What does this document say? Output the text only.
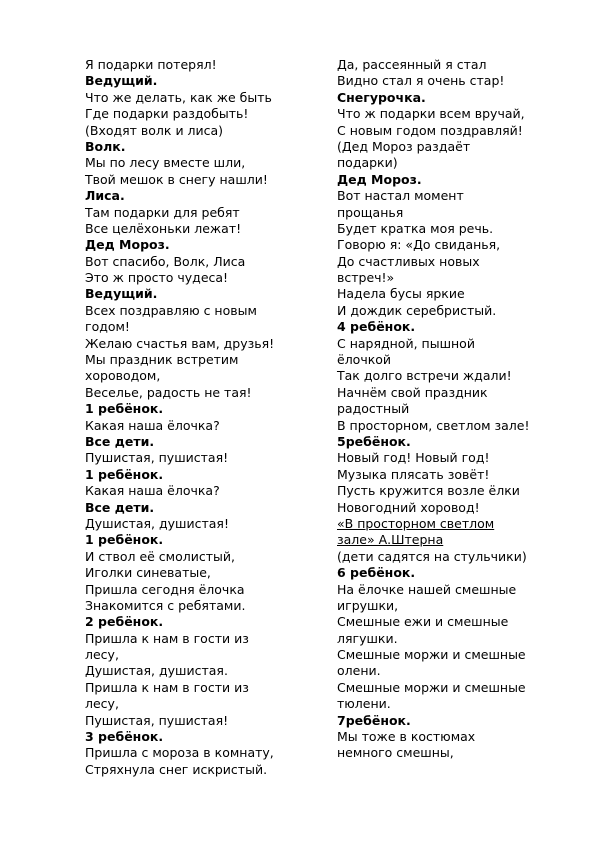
Я подарки потерял!
Ведущий.
Что же делать, как же быть
Где подарки раздобыть!
(Входят волк и лиса)
Волк.
Мы по лесу вместе шли,
Твой мешок в снегу нашли!
Лиса.
Там подарки для ребят
Все целёхоньки лежат!
Дед Мороз.
Вот спасибо, Волк, Лиса
Это ж просто чудеса!
Ведущий.
Всех поздравляю с новым
годом!
Желаю счастья вам, друзья!
Мы праздник встретим
хороводом,
Веселье, радость не тая!
1 ребёнок.
Какая наша ёлочка?
Все дети.
Пушистая, пушистая!
1 ребёнок.
Какая наша ёлочка?
Все дети.
Душистая, душистая!
1 ребёнок.
И ствол её смолистый,
Иголки синеватые,
Пришла сегодня ёлочка
Знакомится с ребятами.
2 ребёнок.
Пришла к нам в гости из
лесу,
Душистая, душистая.
Пришла к нам в гости из
лесу,
Пушистая, пушистая!
3 ребёнок.
Пришла с мороза в комнату,
Стряхнула снег искристый.
Да, рассеянный я стал
Видно стал я очень стар!
Снегурочка.
Что ж подарки всем вручай,
С новым годом поздравляй!
(Дед Мороз раздаёт
подарки)
Дед Мороз.
Вот настал момент
прощанья
Будет кратка моя речь.
Говорю я: «До свиданья,
До счастливых новых
встреч!»
Надела бусы яркие
И дождик серебристый.
4 ребёнок.
С нарядной, пышной
ёлочкой
Так долго встречи ждали!
Начнём свой праздник
радостный
В просторном, светлом зале!
5ребёнок.
Новый год! Новый год!
Музыка плясать зовёт!
Пусть кружится возле ёлки
Новогодний хоровод!
«В просторном светлом
зале» А.Штерна
(дети садятся на стульчики)
6 ребёнок.
На ёлочке нашей смешные
игрушки,
Смешные ежи и смешные
лягушки.
Смешные моржи и смешные
олени.
Смешные моржи и смешные
тюлени.
7ребёнок.
Мы тоже в костюмах
немного смешны,
